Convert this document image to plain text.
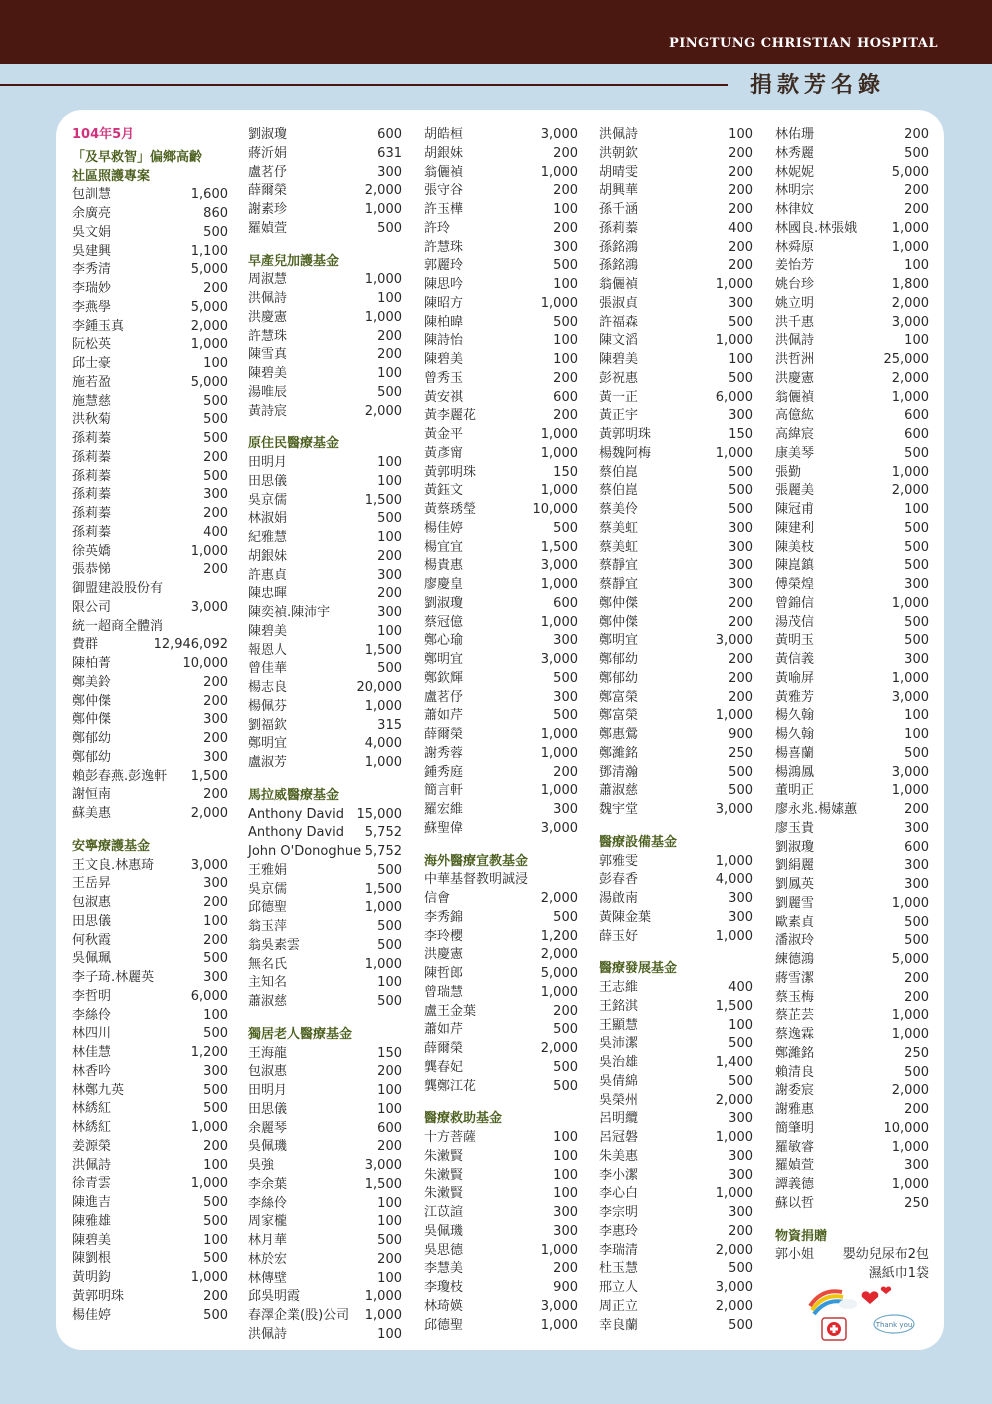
PINGTUNG CHRISTIAN HOSPITAL
捐款芳名錄
104年5月
「及早救智」偏鄉高齡
社區照護專案
包訓慧	1,600
余廣亮	860
吳文娟	500
吳建興	1,100
李秀清	5,000
李瑞妙	200
李燕學	5,000
李鍾玉真	2,000
阮松英	1,000
邱士豪	100
施若盈	5,000
施慧慈	500
洪秋菊	500
孫莉蓁	500
孫莉蓁	200
孫莉蓁	500
孫莉蓁	300
孫莉蓁	200
孫莉蓁	400
徐英嬌	1,000
張恭悌	200
御盟建設股份有
限公司	3,000
統一超商全體消
費群	12,946,092
陳柏菁	10,000
鄭美鈴	200
鄭仲傑	200
鄭仲傑	300
鄭郁幼	200
鄭郁幼	300
賴彭春燕.彭逸軒 1,500
謝恒南	200
蘇美惠	2,000
安寧療護基金
王文良.林惠琦	3,000
王岳昇	300
包淑惠	200
田思儀	100
何秋霞	200
吳佩珮	500
李子琦.林麗英	300
李哲明	6,000
李絲伶	100
林四川	500
林佳慧	1,200
林香吟	300
林鄭九英	500
林綉紅	500
林綉紅	1,000
姜源榮	200
洪佩詩	100
徐青雲	1,000
陳進吉	500
陳雅雄	500
陳碧美	100
陳劉根	500
黃明鈞	1,000
黃郭明珠	200
楊佳婷	500
劉淑瓊	600
蔣沂娟	631
盧茗伃	300
薛爾榮	2,000
謝素珍	1,000
羅媜萱	500
早產兒加護基金
周淑慧	1,000
洪佩詩	100
洪慶憲	1,000
許慧珠	200
陳雪真	200
陳碧美	100
湯唯辰	500
黃詩宸	2,000
原住民醫療基金
田明月	100
田思儀	100
吳京儒	1,500
林淑娟	500
紀雅慧	100
胡銀妹	200
許惠貞	300
陳忠暉	200
陳奕禎.陳沛宇	300
陳碧美	100
報恩人	1,500
曾佳華	500
楊志良	20,000
楊佩芬	1,000
劉福欽	315
鄭明宜	4,000
盧淑芳	1,000
馬拉威醫療基金
Anthony David 15,000
Anthony David 5,752
John O'Donoghue 5,752
王雅娟	500
吳京儒	1,500
邱德聖	1,000
翁玉萍	500
翁吳素雲	500
無名氏	1,000
主知名	100
蕭淑慈	500
獨居老人醫療基金
王海龍	150
包淑惠	200
田明月	100
田思儀	100
余麗琴	600
吳佩璣	200
吳強	3,000
李余葉	1,500
李絲伶	100
周家櫳	100
林月華	500
林於宏	200
林傳壁	100
邱吳明霞	1,000
春澤企業(股)公司 1,000
洪佩詩	100
胡皓桓	3,000
胡銀妹	200
翁儷禎	1,000
張守谷	200
許玉樺	100
許玲	200
許慧珠	300
郭麗玲	500
陳思吟	100
陳昭方	1,000
陳柏暐	500
陳詩怡	100
陳碧美	100
曾秀玉	200
黃安祺	600
黃李麗花	200
黃金平	1,000
黃彥甯	1,000
黃郭明珠	150
黃鈺文	1,000
黃蔡琇瑩	10,000
楊佳婷	500
楊宜宜	1,500
楊貴惠	3,000
廖慶皇	1,000
劉淑瓊	600
蔡冠億	1,000
鄭心瑜	300
鄭明宜	3,000
鄭欽輝	500
盧茗伃	300
蕭如芹	500
薛爾榮	1,000
謝秀蓉	1,000
鍾秀庭	200
簡言軒	1,000
羅宏維	300
蘇聖偉	3,000
海外醫療宣教基金
中華基督教明誠浸
信會	2,000
李秀錦	500
李玲櫻	1,200
洪慶憲	2,000
陳哲郎	5,000
曾瑞慧	1,000
盧王金葉	200
蕭如芹	500
薛爾榮	2,000
龔春妃	500
龔鄭江花	500
醫療救助基金
十方菩薩	100
朱潄賢	100
朱潄賢	100
朱潄賢	100
江苡諠	300
吳佩璣	300
吳思德	1,000
李慧美	200
李瓊枝	900
林琦媖	3,000
邱德聖	1,000
洪佩詩	100
洪朝欽	200
胡晴雯	200
胡興華	200
孫千涵	200
孫莉蓁	400
孫銘鴻	200
孫銘鴻	200
翁儷禎	1,000
張淑貞	300
許福森	500
陳文滔	1,000
陳碧美	100
彭祝惠	500
黃一正	6,000
黃正宇	300
黃郭明珠	150
楊魏阿梅	1,000
蔡伯崑	500
蔡伯崑	500
蔡美伶	500
蔡美虹	300
蔡美虹	300
蔡靜宜	300
蔡靜宜	300
鄭仲傑	200
鄭仲傑	200
鄭明宜	3,000
鄭郁幼	200
鄭郁幼	200
鄭富榮	200
鄭富榮	1,000
鄭惠鶯	900
鄭濰銘	250
鄧清瀚	500
蕭淑慈	500
魏宇堂	3,000
醫療設備基金
郭雅雯	1,000
彭春香	4,000
湯啟南	300
黃陳金葉	300
薛玉好	1,000
醫療發展基金
王志維	400
王銘淇	1,500
王顯慧	100
吳沛潔	500
吳治雄	1,400
吳倩綿	500
吳榮州	2,000
呂明纜	300
呂冠磐	1,000
朱美惠	300
李小潔	300
李心白	1,000
李宗明	300
李惠玲	200
李瑞清	2,000
杜玉慧	500
邢立人	3,000
周正立	2,000
幸良蘭	500
林佑珊	200
林秀麗	500
林妮妮	5,000
林明宗	200
林律妏	200
林國良.林張娥	1,000
林舜原	1,000
姜怡芳	100
姚台珍	1,800
姚立明	2,000
洪千惠	3,000
洪佩詩	100
洪哲洲	25,000
洪慶憲	2,000
翁儷禎	1,000
高億紘	600
高緯宸	600
康美琴	500
張勤	1,000
張麗美	2,000
陳冠甫	100
陳建利	500
陳美枝	500
陳崑鎮	500
傅榮煌	300
曾錦信	1,000
湯茂信	500
黃明玉	500
黃信義	300
黃喻屏	1,000
黃雅芳	3,000
楊久翰	100
楊久翰	100
楊喜蘭	500
楊鴻鳳	3,000
董明正	1,000
廖永兆.楊嫊蕙	200
廖玉貴	300
劉淑瓊	600
劉絹麗	300
劉鳳英	300
劉麗雪	1,000
歐素貞	500
潘淑玲	500
練德鴻	5,000
蔣雪潔	200
蔡玉梅	200
蔡芷芸	1,000
蔡逸霖	1,000
鄭濰銘	250
賴清良	500
謝委宸	2,000
謝雅惠	200
簡肇明	10,000
羅敏睿	1,000
羅媜萱	300
譚義德	1,000
蘇以哲	250
物資捐贈
郭小姐 嬰幼兒尿布2包
濕紙巾1袋
Thank you
